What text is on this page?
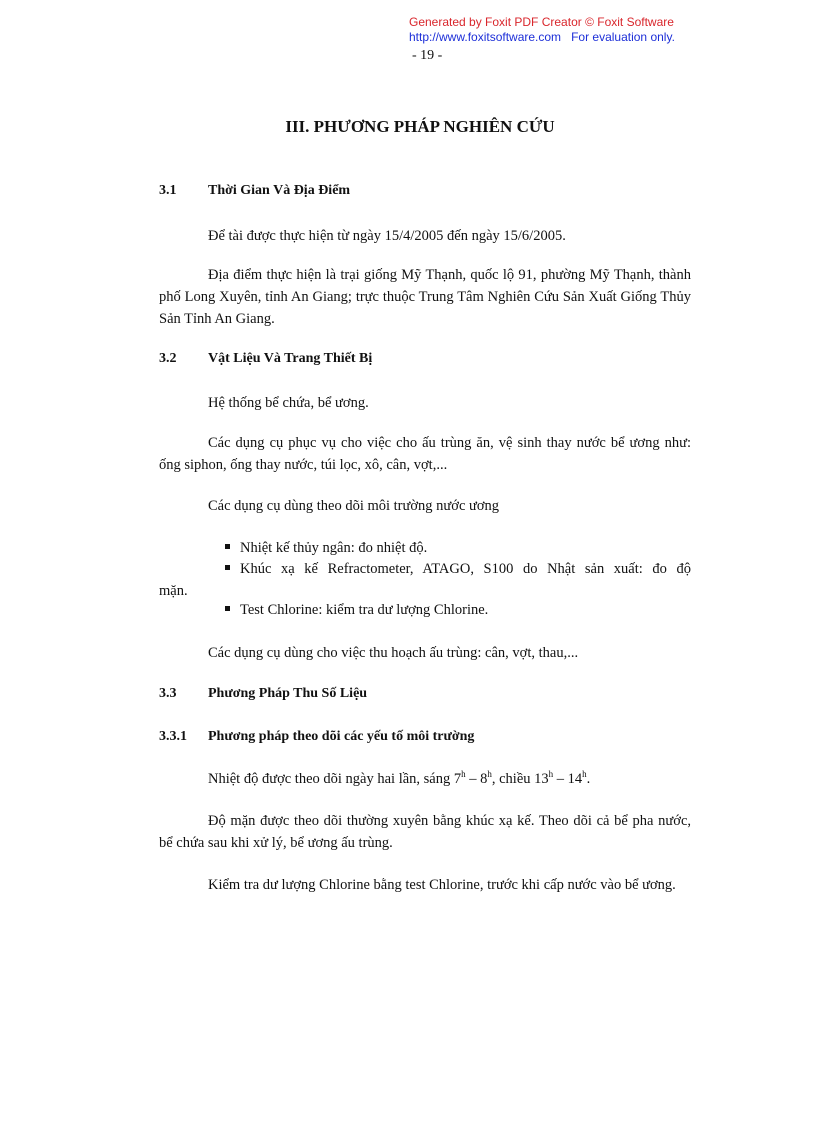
Generated by Foxit PDF Creator © Foxit Software
http://www.foxitsoftware.com For evaluation only.
- 19 -
III. PHƯƠNG PHÁP NGHIÊN CỨU
3.1 Thời Gian Và Địa Điểm
Để tài được thực hiện từ ngày 15/4/2005 đến ngày 15/6/2005.
Địa điểm thực hiện là trại giống Mỹ Thạnh, quốc lộ 91, phường Mỹ Thạnh, thành phố Long Xuyên, tỉnh An Giang; trực thuộc Trung Tâm Nghiên Cứu Sản Xuất Giống Thủy Sản Tỉnh An Giang.
3.2 Vật Liệu Và Trang Thiết Bị
Hệ thống bể chứa, bể ương.
Các dụng cụ phục vụ cho việc cho ấu trùng ăn, vệ sinh thay nước bể ương như: ống siphon, ống thay nước, túi lọc, xô, cân, vợt,...
Các dụng cụ dùng theo dõi môi trường nước ương
Nhiệt kế thủy ngân: đo nhiệt độ.
Khúc xạ kế Refractometer, ATAGO, S100 do Nhật sản xuất: đo độ
mặn.
Test Chlorine: kiểm tra dư lượng Chlorine.
Các dụng cụ dùng cho việc thu hoạch ấu trùng: cân, vợt, thau,...
3.3 Phương Pháp Thu Số Liệu
3.3.1 Phương pháp theo dõi các yếu tố môi trường
Nhiệt độ được theo dõi ngày hai lần, sáng 7$^h$ – 8$^h$, chiều 13$^h$ – 14$^h$.
Độ mặn được theo dõi thường xuyên bằng khúc xạ kế. Theo dõi cả bể pha nước, bể chứa sau khi xử lý, bể ương ấu trùng.
Kiểm tra dư lượng Chlorine bằng test Chlorine, trước khi cấp nước vào bể ương.
